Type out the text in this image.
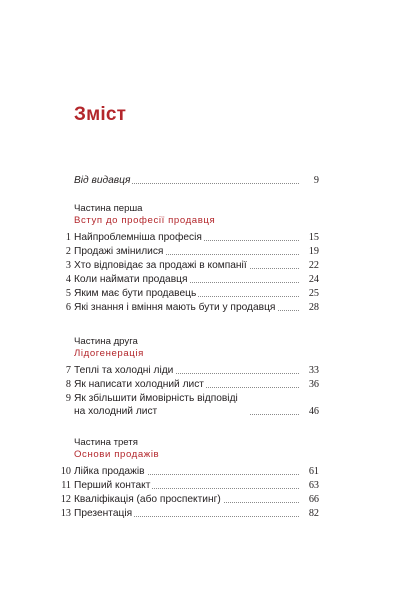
Зміст
Від видавця	9
Частина перша
Вступ до професії продавця
1 Найпроблемніша професія	15
2 Продажі змінилися	19
3 Хто відповідає за продажі в компанії	22
4 Коли наймати продавця	24
5 Яким має бути продавець	25
6 Які знання і вміння мають бути у продавця	28
Частина друга
Лідогенерація
7 Теплі та холодні ліди	33
8 Як написати холодний лист	36
9 Як збільшити ймовірність відповіді на холодний лист	46
Частина третя
Основи продажів
10 Лійка продажів	61
11 Перший контакт	63
12 Кваліфікація (або проспектинг)	66
13 Презентація	82
